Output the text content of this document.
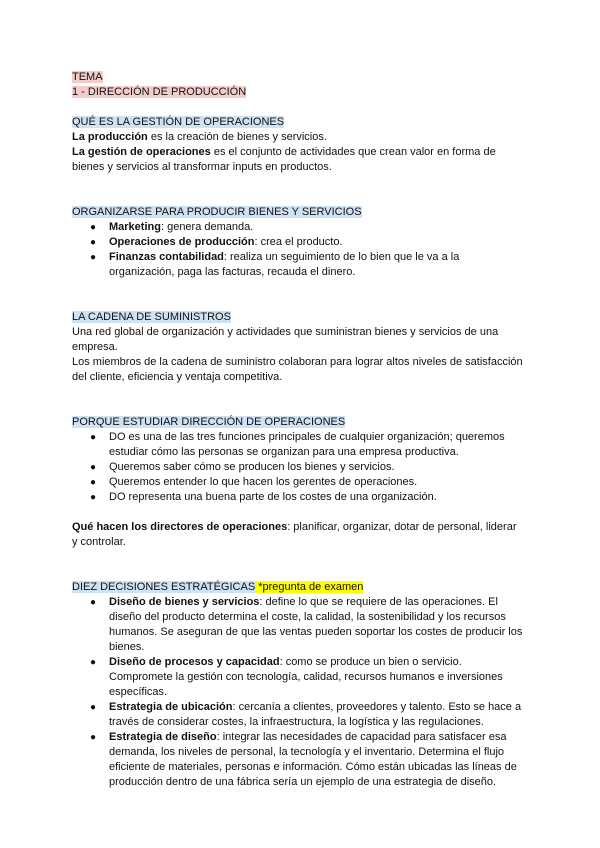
TEMA
1 - DIRECCIÓN DE PRODUCCIÓN
QUÉ ES LA GESTIÓN DE OPERACIONES
La producción es la creación de bienes y servicios.
La gestión de operaciones es el conjunto de actividades que crean valor en forma de
bienes y servicios al transformar inputs en productos.
ORGANIZARSE PARA PRODUCIR BIENES Y SERVICIOS
● Marketing: genera demanda.
● Operaciones de producción: crea el producto.
● Finanzas contabilidad: realiza un seguimiento de lo bien que le va a la
organización, paga las facturas, recauda el dinero.
LA CADENA DE SUMINISTROS
Una red global de organización y actividades que suministran bienes y servicios de una
empresa.
Los miembros de la cadena de suministro colaboran para lograr altos niveles de satisfacción
del cliente, eficiencia y ventaja competitiva.
PORQUE ESTUDIAR DIRECCIÓN DE OPERACIONES
● DO es una de las tres funciones principales de cualquier organización; queremos
estudiar cómo las personas se organizan para una empresa productiva.
● Queremos saber cómo se producen los bienes y servicios.
● Queremos entender lo que hacen los gerentes de operaciones.
● DO representa una buena parte de los costes de una organización.
Qué hacen los directores de operaciones: planificar, organizar, dotar de personal, liderar
y controlar.
DIEZ DECISIONES ESTRATÉGICAS *pregunta de examen
● Diseño de bienes y servicios: define lo que se requiere de las operaciones. El
diseño del producto determina el coste, la calidad, la sostenibilidad y los recursos
humanos. Se aseguran de que las ventas pueden soportar los costes de producir los
bienes.
● Diseño de procesos y capacidad: como se produce un bien o servicio.
Compromete la gestión con tecnología, calidad, recursos humanos e inversiones
específicas.
● Estrategia de ubicación: cercanía a clientes, proveedores y talento. Esto se hace a
través de considerar costes, la infraestructura, la logística y las regulaciones.
● Estrategia de diseño: integrar las necesidades de capacidad para satisfacer esa
demanda, los niveles de personal, la tecnología y el inventario. Determina el flujo
eficiente de materiales, personas e información. Cómo están ubicadas las líneas de
producción dentro de una fábrica sería un ejemplo de una estrategia de diseño.
